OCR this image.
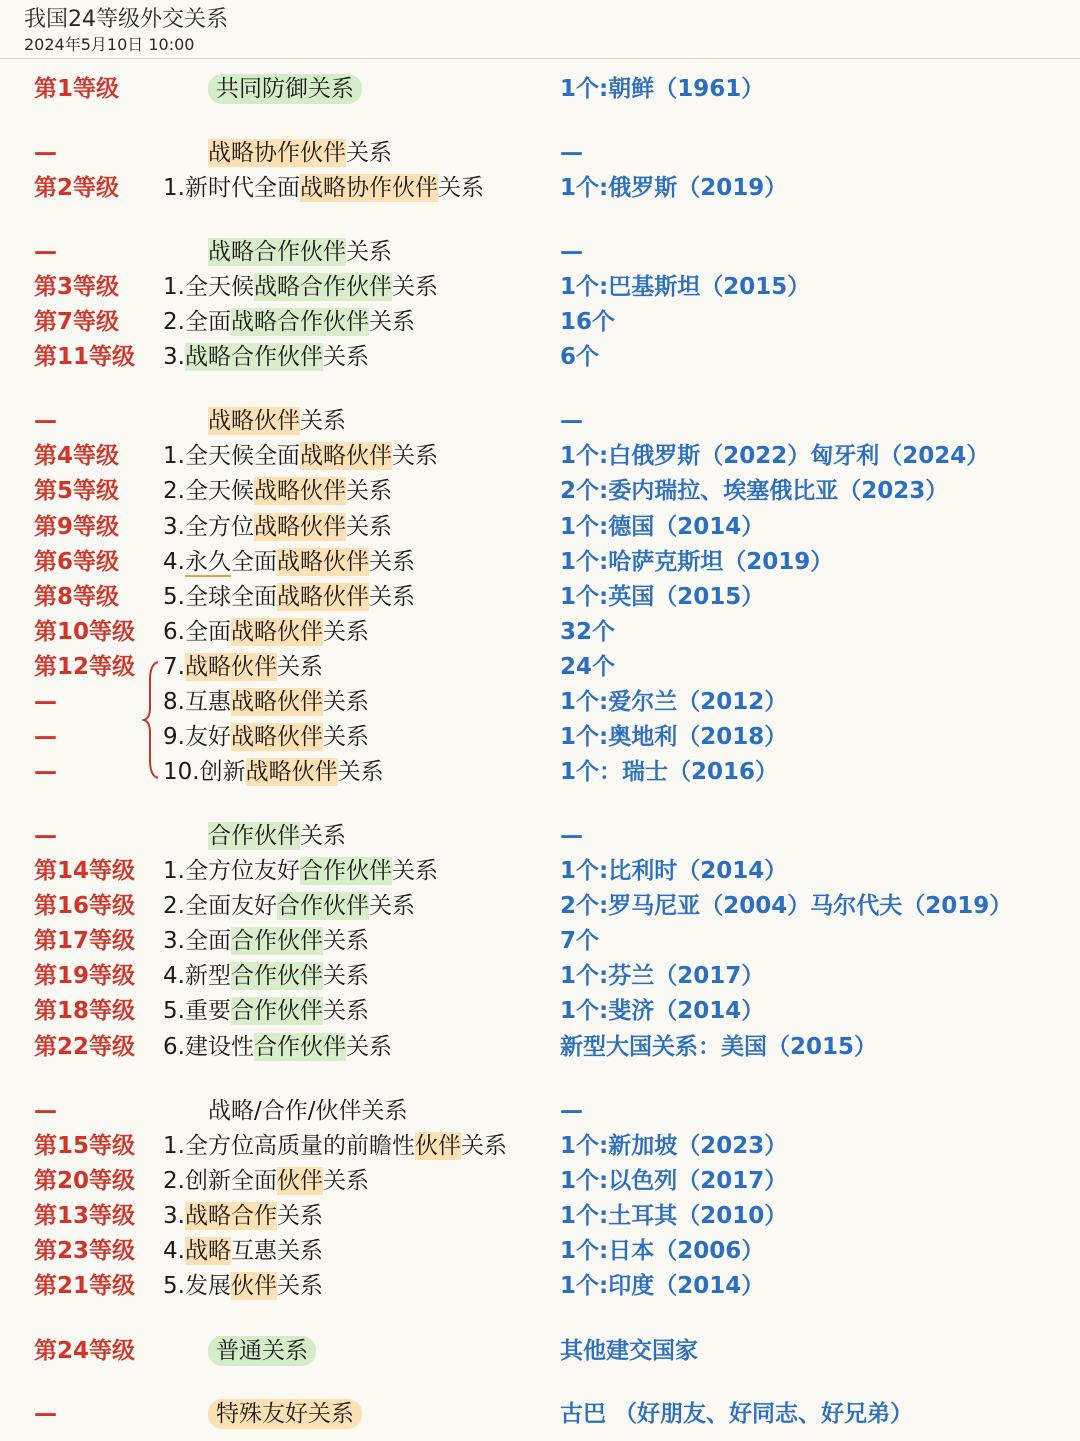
我国24等级外交关系
2024年5月10日 10:00
第1等级	共同防御关系	1个:朝鲜（1961）
—	战略协作伙伴关系	—
第2等级 1.新时代全面战略协作伙伴关系	1个:俄罗斯（2019）
—	战略合作伙伴关系	—
第3等级 1.全天候战略合作伙伴关系	1个:巴基斯坦（2015）
第7等级 2.全面战略合作伙伴关系	16个
第11等级 3.战略合作伙伴关系	6个
—	战略伙伴关系	—
第4等级 1.全天候全面战略伙伴关系	1个:白俄罗斯（2022）匈牙利（2024）
第5等级 2.全天候战略伙伴关系	2个:委内瑞拉、埃塞俄比亚（2023）
第9等级 3.全方位战略伙伴关系	1个:德国（2014）
第6等级 4.永久全面战略伙伴关系	1个:哈萨克斯坦（2019）
第8等级 5.全球全面战略伙伴关系	1个:英国（2015）
第10等级 6.全面战略伙伴关系	32个
第12等级 7.战略伙伴关系	24个
—	8.互惠战略伙伴关系	1个:爱尔兰（2012）
—	9.友好战略伙伴关系	1个:奥地利（2018）
—	10.创新战略伙伴关系	1个：瑞士（2016）
—	合作伙伴关系	—
第14等级 1.全方位友好合作伙伴关系	1个:比利时（2014）
第16等级 2.全面友好合作伙伴关系	2个:罗马尼亚（2004）马尔代夫（2019）
第17等级 3.全面合作伙伴关系	7个
第19等级 4.新型合作伙伴关系	1个:芬兰（2017）
第18等级 5.重要合作伙伴关系	1个:斐济（2014）
第22等级 6.建设性合作伙伴关系	新型大国关系：美国（2015）
—	战略/合作/伙伴关系	—
第15等级 1.全方位高质量的前瞻性伙伴关系 1个:新加坡（2023）
第20等级 2.创新全面伙伴关系	1个:以色列（2017）
第13等级 3.战略合作关系	1个:土耳其（2010）
第23等级 4.战略互惠关系	1个:日本（2006）
第21等级 5.发展伙伴关系	1个:印度（2014）
第24等级	普通关系	其他建交国家
—	特殊友好关系	古巴 （好朋友、好同志、好兄弟）
